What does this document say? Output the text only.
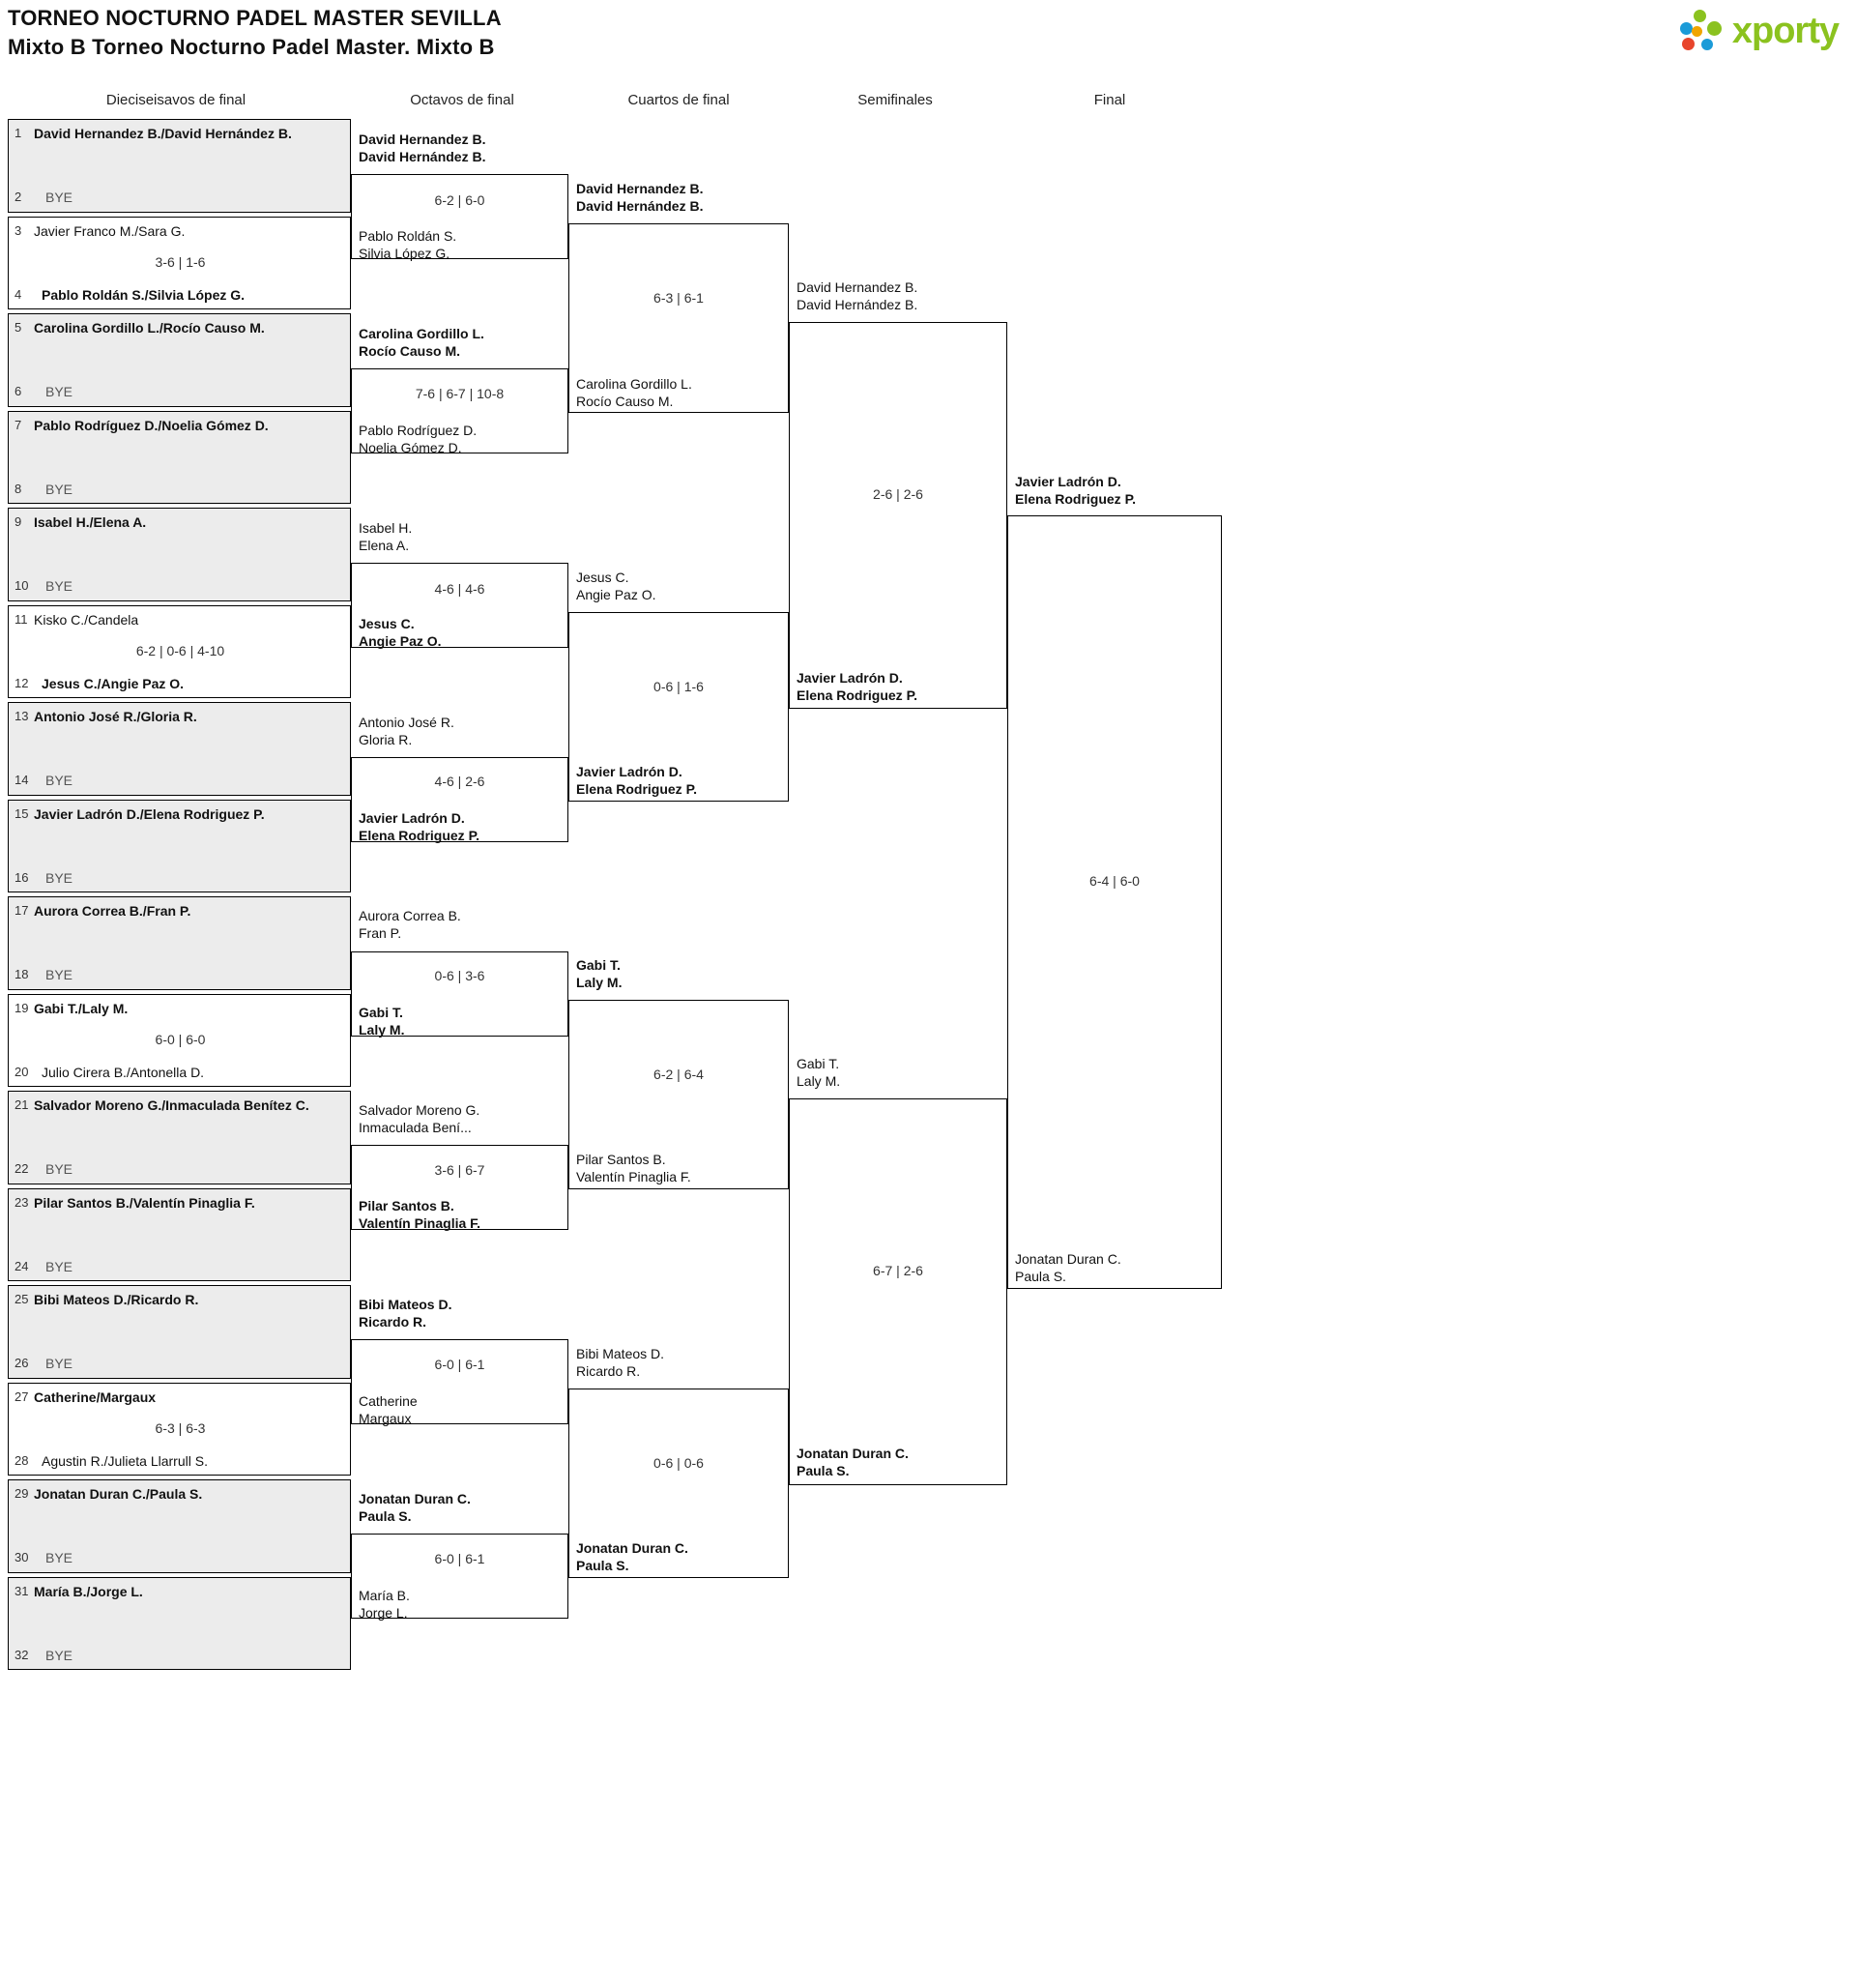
TORNEO NOCTURNO PADEL MASTER SEVILLA
Mixto B Torneo Nocturno Padel Master. Mixto B	xporty
Dieciseisavos de final	Octavos de final	Cuartos de final	Semifinales	Final
1 David Hernandez B./David Hernández B.
2	BYE
3 Javier Franco M./Sara G.
3-6 | 1-6
4	Pablo Roldán S./Silvia López G.
5 Carolina Gordillo L./Rocío Causo M.
6	BYE
7 Pablo Rodríguez D./Noelia Gómez D.
8	BYE
9 Isabel H./Elena A.
10	BYE
11 Kisko C./Candela
6-2 | 0-6 | 4-10
12 Jesus C./Angie Paz O.
13 Antonio José R./Gloria R.
14	BYE
15 Javier Ladrón D./Elena Rodriguez P.
16	BYE
17 Aurora Correa B./Fran P.
18	BYE
19 Gabi T./Laly M.
6-0 | 6-0
20 Julio Cirera B./Antonella D.
21 Salvador Moreno G./Inmaculada Benítez C.
22	BYE
23 Pilar Santos B./Valentín Pinaglia F.
24	BYE
25 Bibi Mateos D./Ricardo R.
26	BYE
27 Catherine/Margaux
6-3 | 6-3
28 Agustin R./Julieta Llarrull S.
29 Jonatan Duran C./Paula S.
30	BYE
31 María B./Jorge L.
32	BYE
David Hernandez B.
David Hernández B.
6-2 | 6-0
Pablo Roldán S.
Silvia López G.
Carolina Gordillo L.
Rocío Causo M.
7-6 | 6-7 | 10-8
Pablo Rodríguez D.
Noelia Gómez D.
Isabel H.
Elena A.
4-6 | 4-6
Jesus C.
Angie Paz O.
Antonio José R.
Gloria R.
4-6 | 2-6
Javier Ladrón D.
Elena Rodriguez P.
Aurora Correa B.
Fran P.
0-6 | 3-6
Gabi T.
Laly M.
Salvador Moreno G.
Inmaculada Bení...
3-6 | 6-7
Pilar Santos B.
Valentín Pinaglia F.
Bibi Mateos D.
Ricardo R.
6-0 | 6-1
Catherine
Margaux
Jonatan Duran C.
Paula S.
6-0 | 6-1
María B.
Jorge L.
David Hernandez B.
David Hernández B.
6-3 | 6-1
Carolina Gordillo L.
Rocío Causo M.
Jesus C.
Angie Paz O.
0-6 | 1-6
Javier Ladrón D.
Elena Rodriguez P.
Gabi T.
Laly M.
6-2 | 6-4
Pilar Santos B.
Valentín Pinaglia F.
Bibi Mateos D.
Ricardo R.
0-6 | 0-6
Jonatan Duran C.
Paula S.
David Hernandez B.
David Hernández B.
2-6 | 2-6
Javier Ladrón D.
Elena Rodriguez P.
Gabi T.
Laly M.
6-7 | 2-6
Jonatan Duran C.
Paula S.
Javier Ladrón D.
Elena Rodriguez P.
6-4 | 6-0
Jonatan Duran C.
Paula S.
